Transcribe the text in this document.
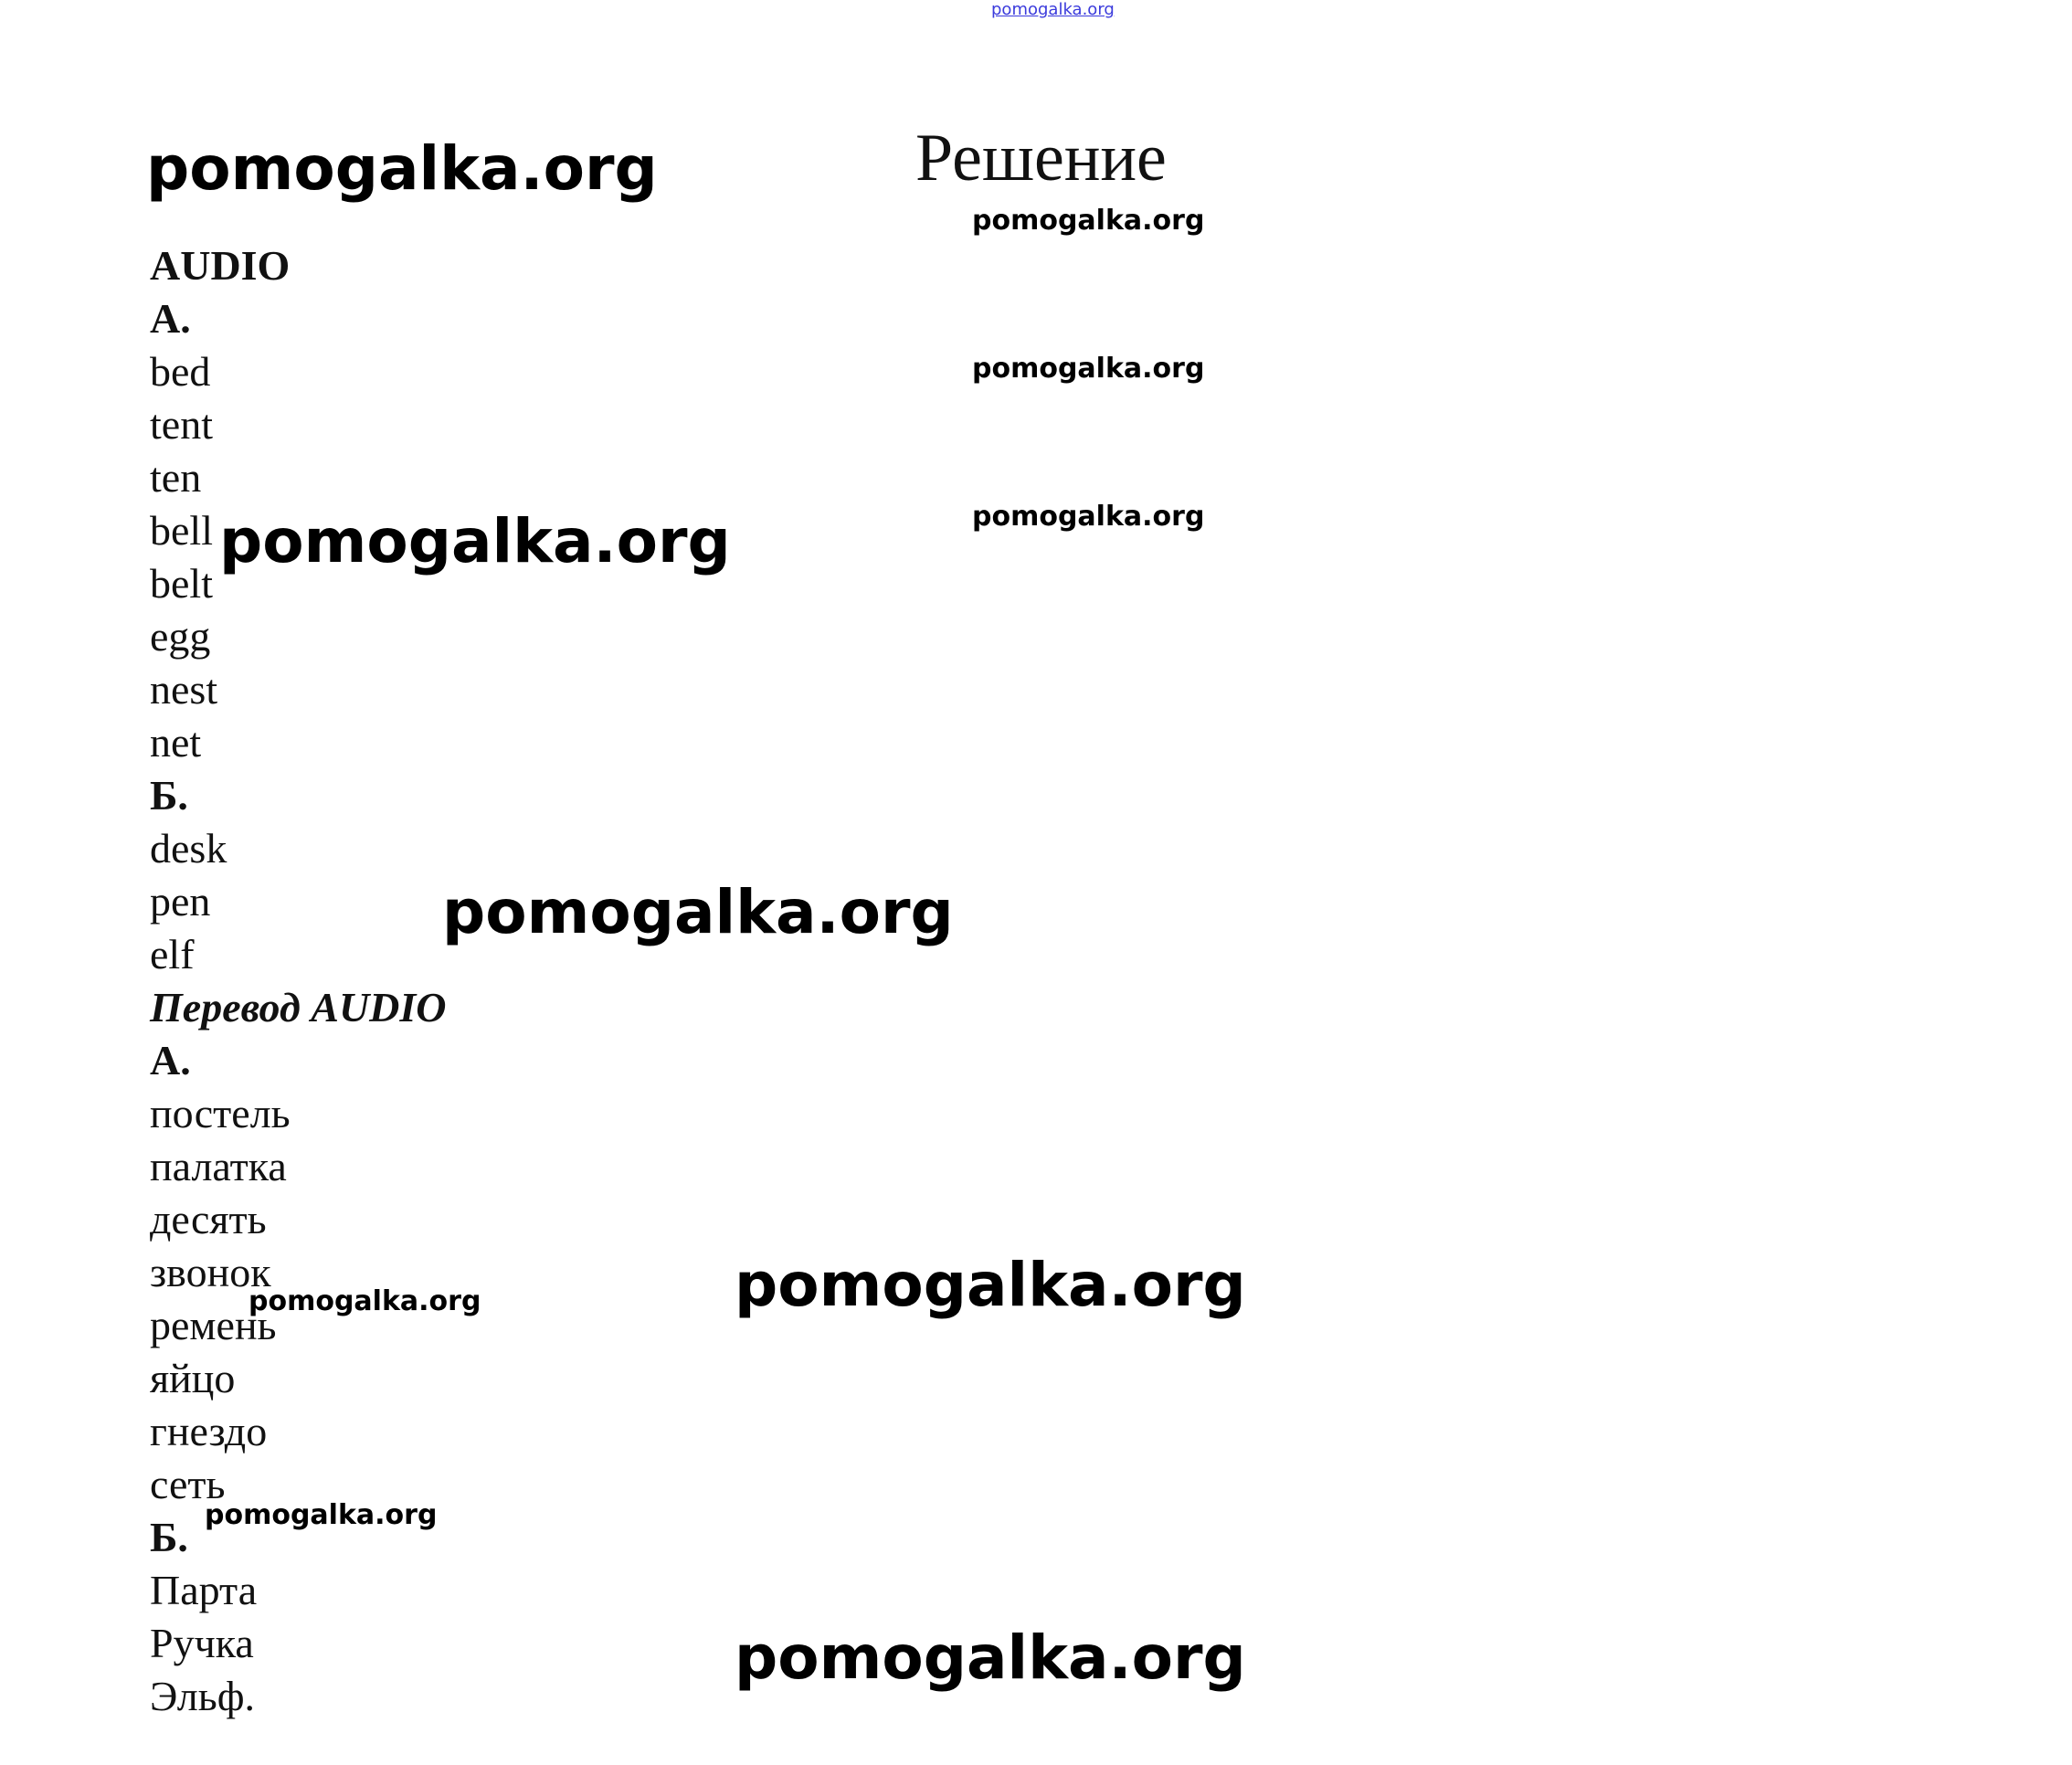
pomogalka.org
Решение
pomogalka.org
pomogalka.org
pomogalka.org
pomogalka.org
pomogalka.org
pomogalka.org
pomogalka.org
pomogalka.org
pomogalka.org
pomogalka.org
AUDIO
A.
bed
tent
ten
bell
belt
egg
nest
net
Б.
desk
pen
elf
Перевод AUDIO
A.
постель
палатка
десять
звонок
ремень
яйцо
гнездо
сеть
Б.
Парта
Ручка
Эльф.
